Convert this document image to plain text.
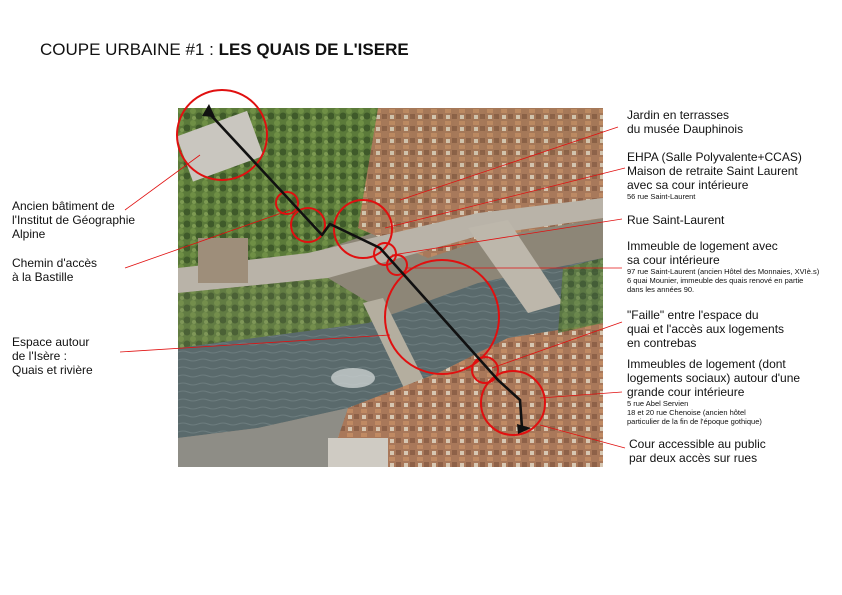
COUPE URBAINE #1 : LES QUAIS DE L'ISERE
Ancien bâtiment de
l'Institut de Géographie
Alpine
Chemin d'accès
à la Bastille
Espace autour
de l'Isère :
Quais et rivière
Jardin en terrasses
du musée Dauphinois
EHPA (Salle Polyvalente+CCAS)
Maison de retraite Saint Laurent
avec sa cour intérieure
56 rue Saint-Laurent
Rue Saint-Laurent
Immeuble de logement avec
sa cour intérieure
97 rue Saint-Laurent (ancien Hôtel des Monnaies, XVIè.s)
6 quai Mounier, immeuble des quais renové en partie
dans les années 90.
"Faille" entre l'espace du
quai et l'accès aux logements
en contrebas
Immeubles de logement (dont
logements sociaux) autour d'une
grande cour intérieure
5 rue Abel Servien
18 et 20 rue Chenoise (ancien hôtel
particulier de la fin de l'époque gothique)
Cour accessible au public
par deux accès sur rues
